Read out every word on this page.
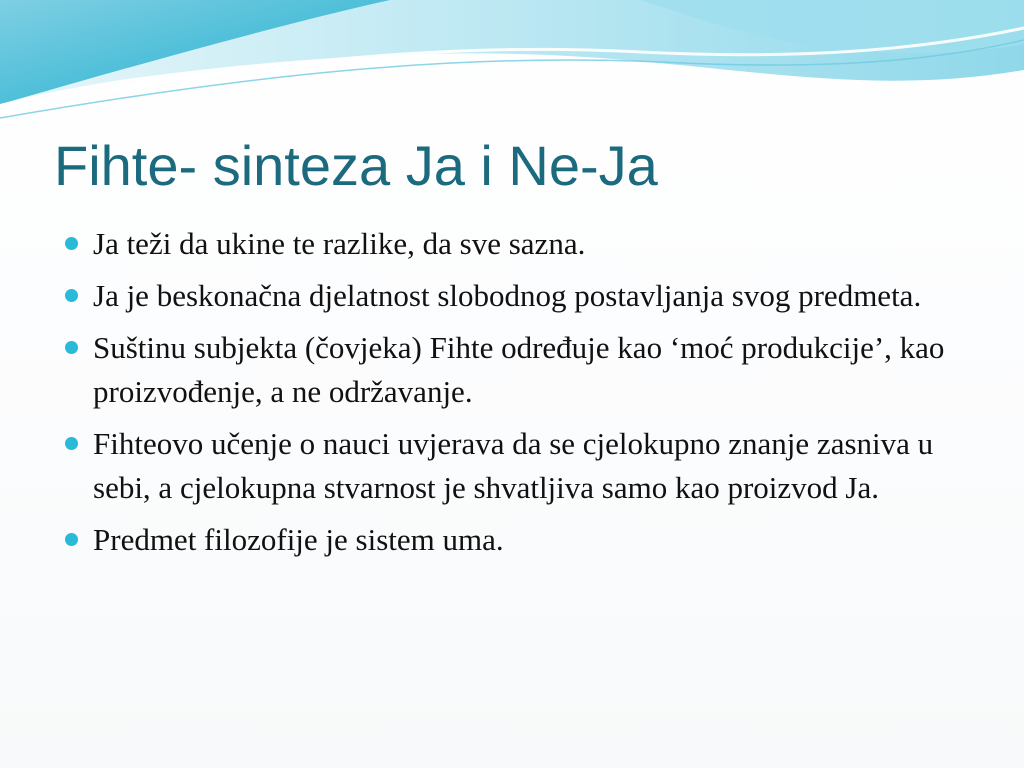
Fihte- sinteza Ja i Ne-Ja
Ja teži da ukine te razlike, da sve sazna.
Ja je beskonačna djelatnost slobodnog postavljanja svog predmeta.
Suštinu subjekta (čovjeka) Fihte određuje kao ‘moć produkcije’, kao proizvođenje, a ne održavanje.
Fihteovo učenje o nauci uvjerava da se cjelokupno znanje zasniva u sebi, a cjelokupna stvarnost je shvatljiva samo kao proizvod Ja.
Predmet filozofije je sistem uma.
